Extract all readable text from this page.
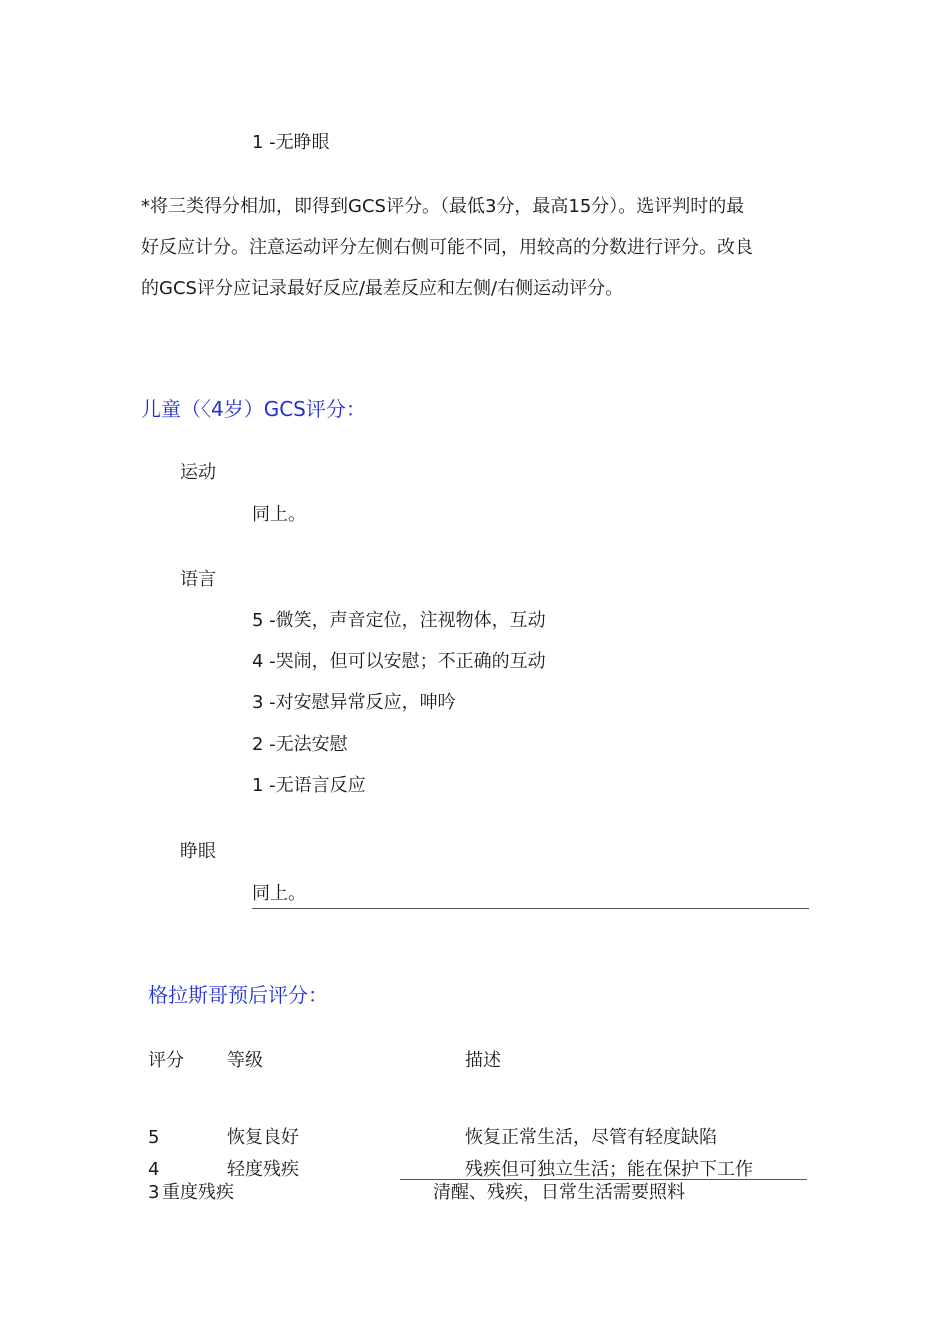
1 -无睁眼
*将三类得分相加，即得到GCS评分。（最低3分，最高15分）。选评判时的最
好反应计分。注意运动评分左侧右侧可能不同，用较高的分数进行评分。改良
的GCS评分应记录最好反应/最差反应和左侧/右侧运动评分。
儿童（〈4岁）GCS评分：
运动
同上。
语言
5 -微笑，声音定位，注视物体，互动
4 -哭闹，但可以安慰；不正确的互动
3 -对安慰异常反应，呻吟
2 -无法安慰
1 -无语言反应
睁眼
同上。
格拉斯哥预后评分：
评分 等级	描述
5	恢复良好	恢复正常生活，尽管有轻度缺陷
4	轻度残疾	残疾但可独立生活；能在保护下工作
3 重度残疾	清醒、残疾，日常生活需要照料
